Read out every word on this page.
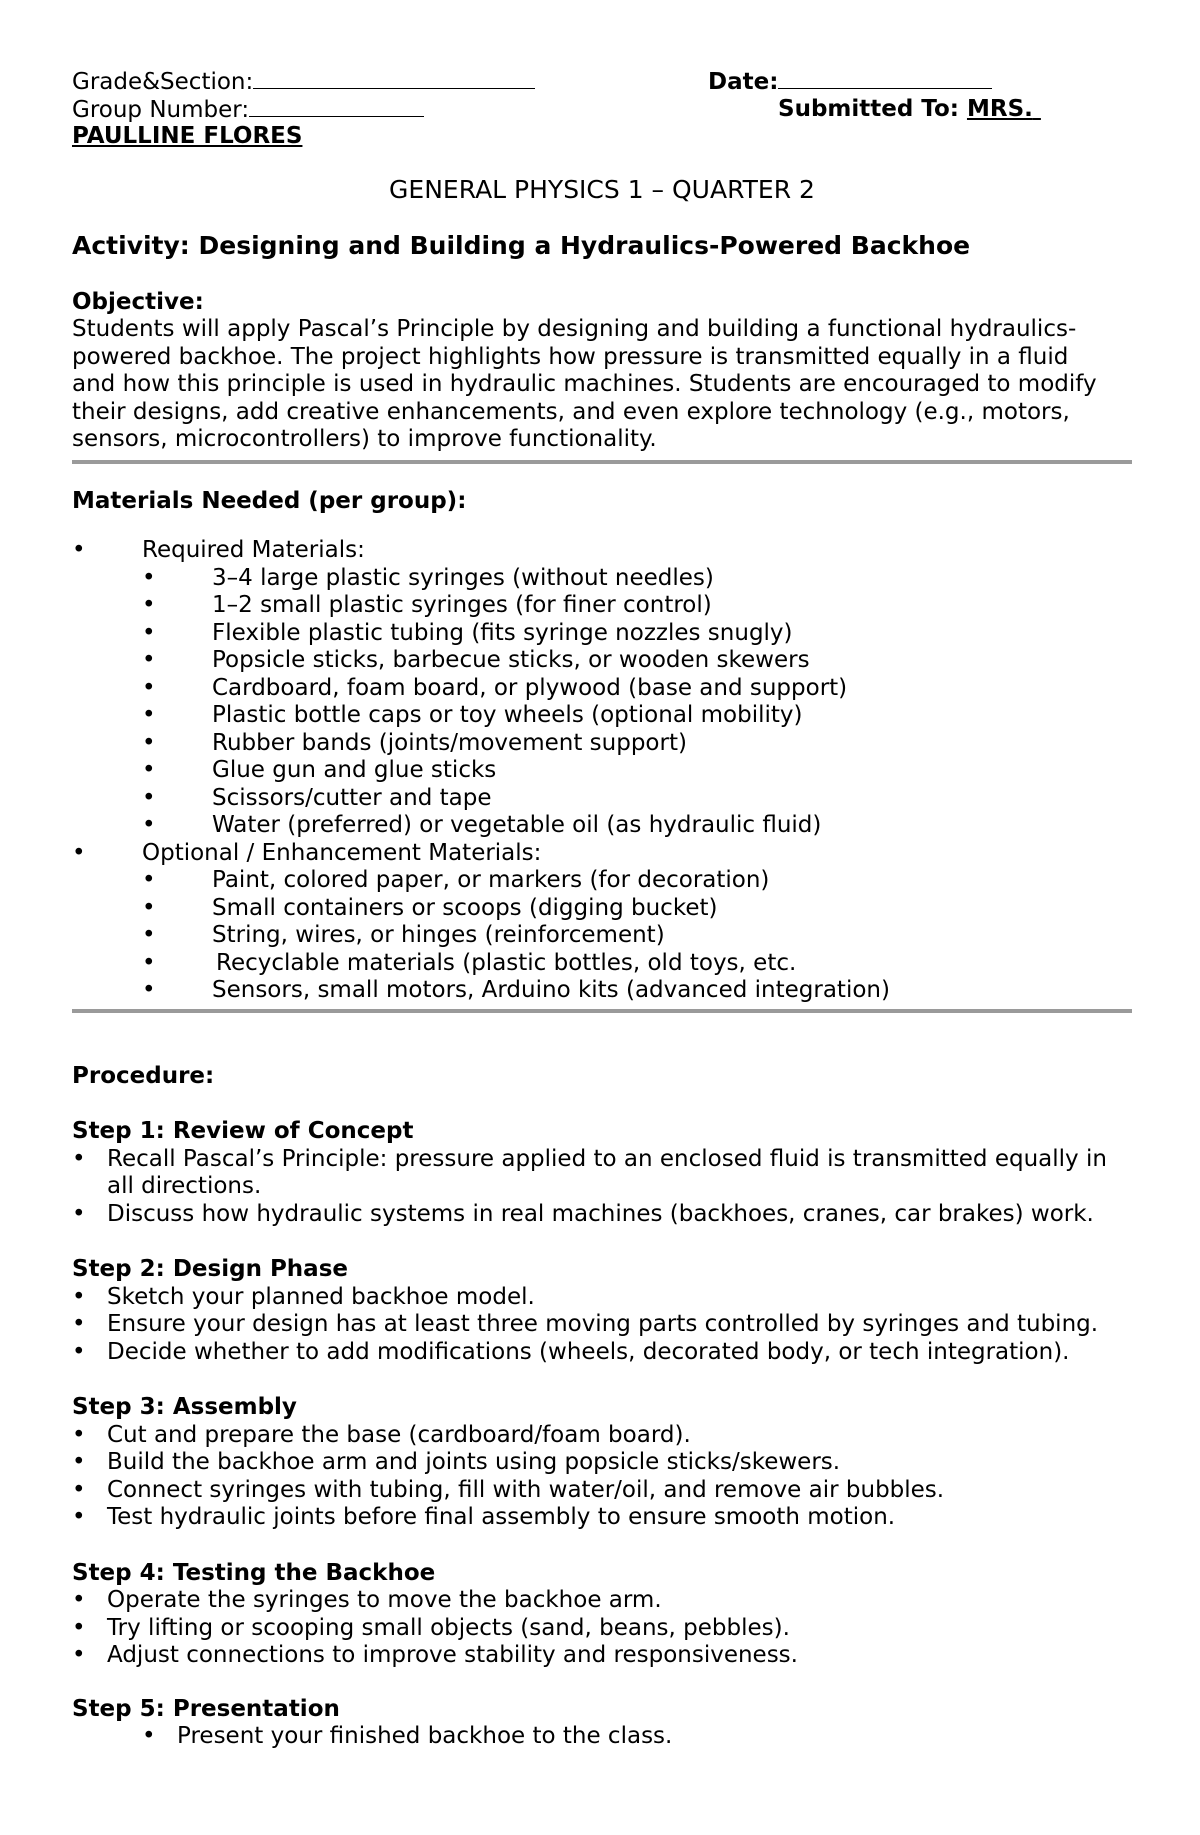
Grade&Section:	Date:
Group Number:	Submitted To: MRS.
PAULLINE FLORES
GENERAL PHYSICS 1 – QUARTER 2
Activity: Designing and Building a Hydraulics-Powered Backhoe
Objective:
Students will apply Pascal’s Principle by designing and building a functional hydraulics-
powered backhoe. The project highlights how pressure is transmitted equally in a fluid
and how this principle is used in hydraulic machines. Students are encouraged to modify
their designs, add creative enhancements, and even explore technology (e.g., motors,
sensors, microcontrollers) to improve functionality.
Materials Needed (per group):
• Required Materials:
• 3–4 large plastic syringes (without needles)
• 1–2 small plastic syringes (for finer control)
• Flexible plastic tubing (fits syringe nozzles snugly)
• Popsicle sticks, barbecue sticks, or wooden skewers
• Cardboard, foam board, or plywood (base and support)
• Plastic bottle caps or toy wheels (optional mobility)
• Rubber bands (joints/movement support)
• Glue gun and glue sticks
• Scissors/cutter and tape
• Water (preferred) or vegetable oil (as hydraulic fluid)
• Optional / Enhancement Materials:
• Paint, colored paper, or markers (for decoration)
• Small containers or scoops (digging bucket)
• String, wires, or hinges (reinforcement)
•	Recyclable materials (plastic bottles, old toys, etc.
• Sensors, small motors, Arduino kits (advanced integration)
Procedure:
Step 1: Review of Concept
• Recall Pascal’s Principle: pressure applied to an enclosed fluid is transmitted equally in all directions.
• Discuss how hydraulic systems in real machines (backhoes, cranes, car brakes) work.
Step 2: Design Phase
• Sketch your planned backhoe model.
• Ensure your design has at least three moving parts controlled by syringes and tubing.
• Decide whether to add modifications (wheels, decorated body, or tech integration).
Step 3: Assembly
• Cut and prepare the base (cardboard/foam board).
• Build the backhoe arm and joints using popsicle sticks/skewers.
• Connect syringes with tubing, fill with water/oil, and remove air bubbles.
• Test hydraulic joints before final assembly to ensure smooth motion.
Step 4: Testing the Backhoe
• Operate the syringes to move the backhoe arm.
• Try lifting or scooping small objects (sand, beans, pebbles).
• Adjust connections to improve stability and responsiveness.
Step 5: Presentation
• Present your finished backhoe to the class.
